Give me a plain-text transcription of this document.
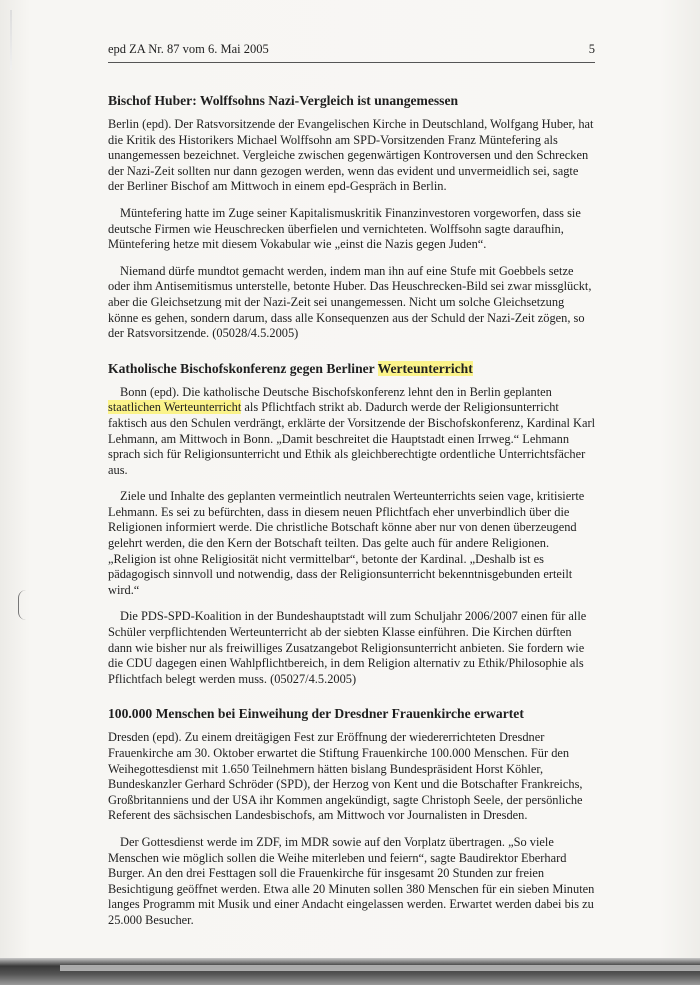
epd ZA Nr. 87 vom 6. Mai 2005	5
Bischof Huber: Wolffsohns Nazi-Vergleich ist unangemessen

Berlin (epd). Der Ratsvorsitzende der Evangelischen Kirche in Deutschland, Wolfgang Huber, hat die Kritik des Historikers Michael Wolffsohn am SPD-Vorsitzenden Franz Müntefering als unangemessen bezeichnet. Vergleiche zwischen gegenwärtigen Kontroversen und den Schrecken der Nazi-Zeit sollten nur dann gezogen werden, wenn das evident und unvermeidlich sei, sagte der Berliner Bischof am Mittwoch in einem epd-Gespräch in Berlin.

Müntefering hatte im Zuge seiner Kapitalismuskritik Finanzinvestoren vorgeworfen, dass sie deutsche Firmen wie Heuschrecken überfielen und vernichteten. Wolffsohn sagte daraufhin, Müntefering hetze mit diesem Vokabular wie „einst die Nazis gegen Juden“.

Niemand dürfe mundtot gemacht werden, indem man ihn auf eine Stufe mit Goebbels setze oder ihm Antisemitismus unterstelle, betonte Huber. Das Heuschrecken-Bild sei zwar missglückt, aber die Gleichsetzung mit der Nazi-Zeit sei unangemessen. Nicht um solche Gleichsetzung könne es gehen, sondern darum, dass alle Konsequenzen aus der Schuld der Nazi-Zeit zögen, so der Ratsvorsitzende. (05028/4.5.2005)

Katholische Bischofskonferenz gegen Berliner Werteunterricht

Bonn (epd). Die katholische Deutsche Bischofskonferenz lehnt den in Berlin geplanten staatlichen Werteunterricht als Pflichtfach strikt ab. Dadurch werde der Religionsunterricht faktisch aus den Schulen verdrängt, erklärte der Vorsitzende der Bischofskonferenz, Kardinal Karl Lehmann, am Mittwoch in Bonn. „Damit beschreitet die Hauptstadt einen Irrweg.“ Lehmann sprach sich für Religionsunterricht und Ethik als gleichberechtigte ordentliche Unterrichtsfächer aus.

Ziele und Inhalte des geplanten vermeintlich neutralen Werteunterrichts seien vage, kritisierte Lehmann. Es sei zu befürchten, dass in diesem neuen Pflichtfach eher unverbindlich über die Religionen informiert werde. Die christliche Botschaft könne aber nur von denen überzeugend gelehrt werden, die den Kern der Botschaft teilten. Das gelte auch für andere Religionen. „Religion ist ohne Religiosität nicht vermittelbar“, betonte der Kardinal. „Deshalb ist es pädagogisch sinnvoll und notwendig, dass der Religionsunterricht bekenntnisgebunden erteilt wird.“

Die PDS-SPD-Koalition in der Bundeshauptstadt will zum Schuljahr 2006/2007 einen für alle Schüler verpflichtenden Werteunterricht ab der siebten Klasse einführen. Die Kirchen dürften dann wie bisher nur als freiwilliges Zusatzangebot Religionsunterricht anbieten. Sie fordern wie die CDU dagegen einen Wahlpflichtbereich, in dem Religion alternativ zu Ethik/Philosophie als Pflichtfach belegt werden muss. (05027/4.5.2005)

100.000 Menschen bei Einweihung der Dresdner Frauenkirche erwartet

Dresden (epd). Zu einem dreitägigen Fest zur Eröffnung der wiedererrichteten Dresdner Frauenkirche am 30. Oktober erwartet die Stiftung Frauenkirche 100.000 Menschen. Für den Weihegottesdienst mit 1.650 Teilnehmern hätten bislang Bundespräsident Horst Köhler, Bundeskanzler Gerhard Schröder (SPD), der Herzog von Kent und die Botschafter Frankreichs, Großbritanniens und der USA ihr Kommen angekündigt, sagte Christoph Seele, der persönliche Referent des sächsischen Landesbischofs, am Mittwoch vor Journalisten in Dresden.

Der Gottesdienst werde im ZDF, im MDR sowie auf den Vorplatz übertragen. „So viele Menschen wie möglich sollen die Weihe miterleben und feiern“, sagte Baudirektor Eberhard Burger. An den drei Festtagen soll die Frauenkirche für insgesamt 20 Stunden zur freien Besichtigung geöffnet werden. Etwa alle 20 Minuten sollen 380 Menschen für ein sieben Minuten langes Programm mit Musik und einer Andacht eingelassen werden. Erwartet werden dabei bis zu 25.000 Besucher.
